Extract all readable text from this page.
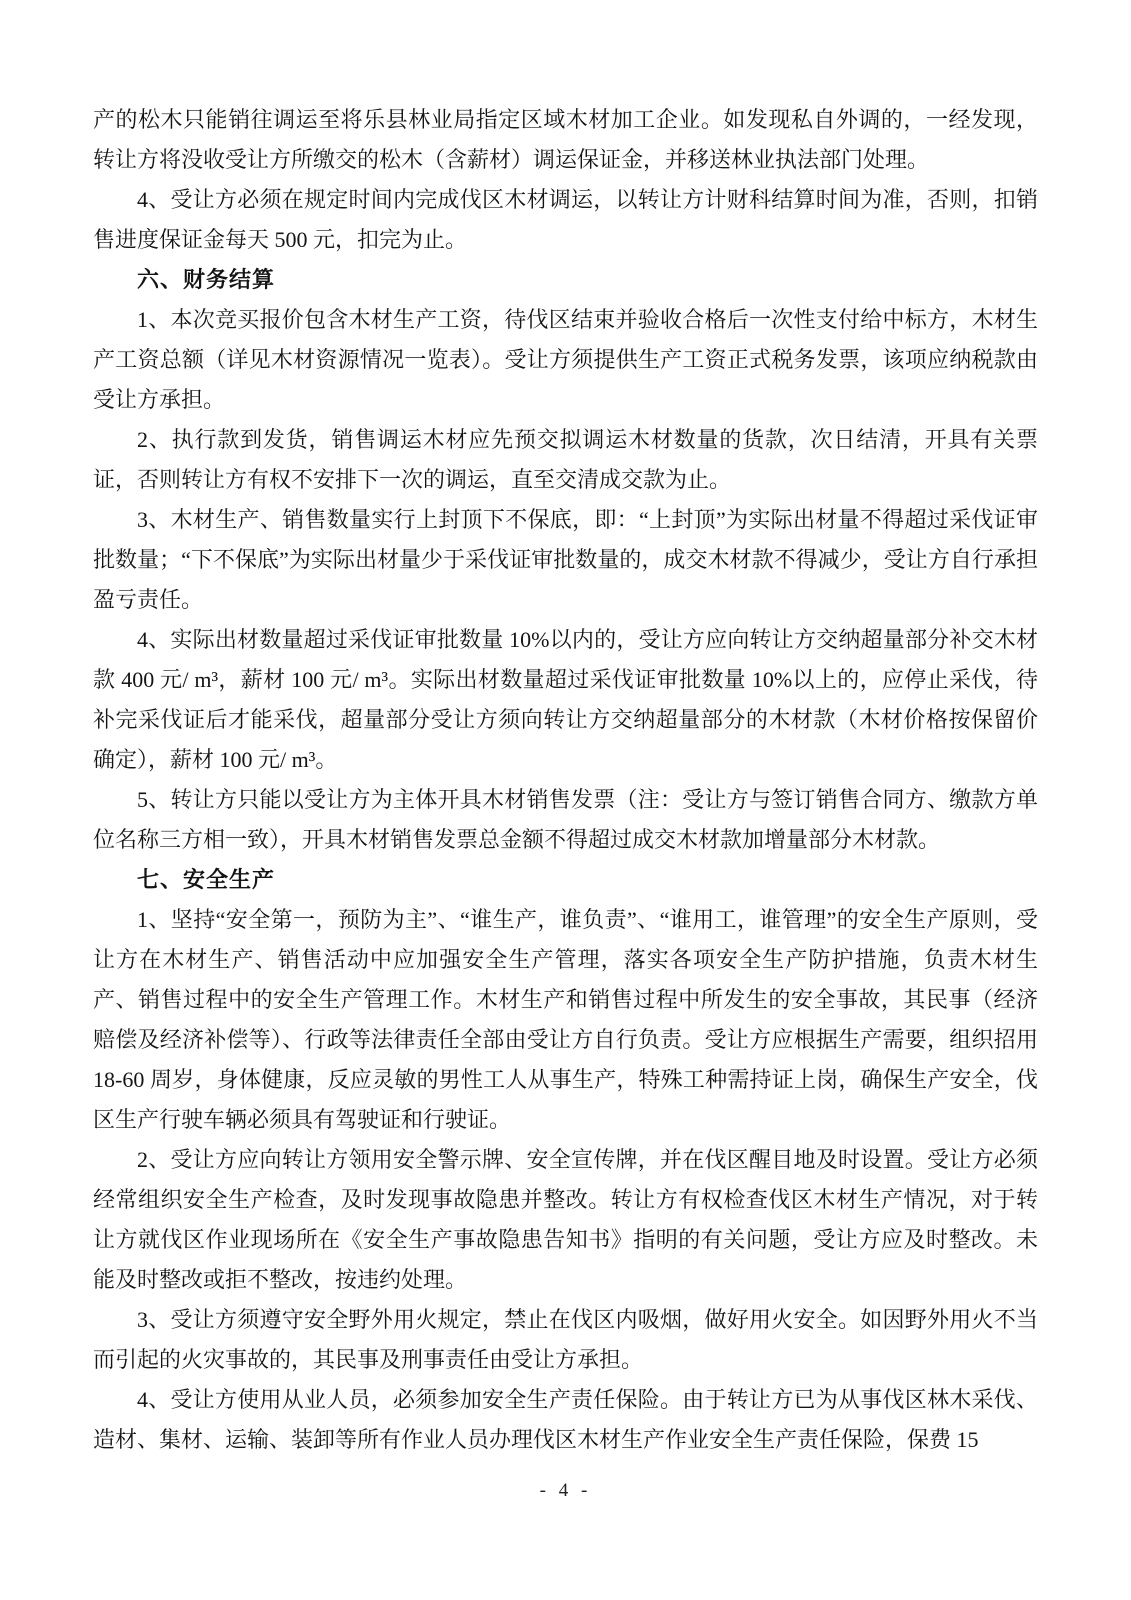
产的松木只能销往调运至将乐县林业局指定区域木材加工企业。如发现私自外调的，一经发现，转让方将没收受让方所缴交的松木（含薪材）调运保证金，并移送林业执法部门处理。

4、受让方必须在规定时间内完成伐区木材调运，以转让方计财科结算时间为准，否则，扣销售进度保证金每天 500 元，扣完为止。

六、财务结算

1、本次竞买报价包含木材生产工资，待伐区结束并验收合格后一次性支付给中标方，木材生产工资总额（详见木材资源情况一览表）。受让方须提供生产工资正式税务发票，该项应纳税款由受让方承担。

2、执行款到发货，销售调运木材应先预交拟调运木材数量的货款，次日结清，开具有关票证，否则转让方有权不安排下一次的调运，直至交清成交款为止。

3、木材生产、销售数量实行上封顶下不保底，即：“上封顶”为实际出材量不得超过采伐证审批数量；“下不保底”为实际出材量少于采伐证审批数量的，成交木材款不得减少，受让方自行承担盈亏责任。

4、实际出材数量超过采伐证审批数量 10%以内的，受让方应向转让方交纳超量部分补交木材款 400 元/ m³，薪材 100 元/ m³。实际出材数量超过采伐证审批数量 10%以上的，应停止采伐，待补完采伐证后才能采伐，超量部分受让方须向转让方交纳超量部分的木材款（木材价格按保留价确定），薪材 100 元/ m³。

5、转让方只能以受让方为主体开具木材销售发票（注：受让方与签订销售合同方、缴款方单位名称三方相一致），开具木材销售发票总金额不得超过成交木材款加增量部分木材款。

七、安全生产

1、坚持“安全第一，预防为主”、“谁生产，谁负责”、“谁用工，谁管理”的安全生产原则，受让方在木材生产、销售活动中应加强安全生产管理，落实各项安全生产防护措施，负责木材生产、销售过程中的安全生产管理工作。木材生产和销售过程中所发生的安全事故，其民事（经济赔偿及经济补偿等）、行政等法律责任全部由受让方自行负责。受让方应根据生产需要，组织招用 18-60 周岁，身体健康，反应灵敏的男性工人从事生产，特殊工种需持证上岗，确保生产安全，伐区生产行驶车辆必须具有驾驶证和行驶证。

2、受让方应向转让方领用安全警示牌、安全宣传牌，并在伐区醒目地及时设置。受让方必须经常组织安全生产检查，及时发现事故隐患并整改。转让方有权检查伐区木材生产情况，对于转让方就伐区作业现场所在《安全生产事故隐患告知书》指明的有关问题，受让方应及时整改。未能及时整改或拒不整改，按违约处理。

3、受让方须遵守安全野外用火规定，禁止在伐区内吸烟，做好用火安全。如因野外用火不当而引起的火灾事故的，其民事及刑事责任由受让方承担。

4、受让方使用从业人员，必须参加安全生产责任保险。由于转让方已为从事伐区林木采伐、造材、集材、运输、装卸等所有作业人员办理伐区木材生产作业安全生产责任保险，保费 15

- 4 -
